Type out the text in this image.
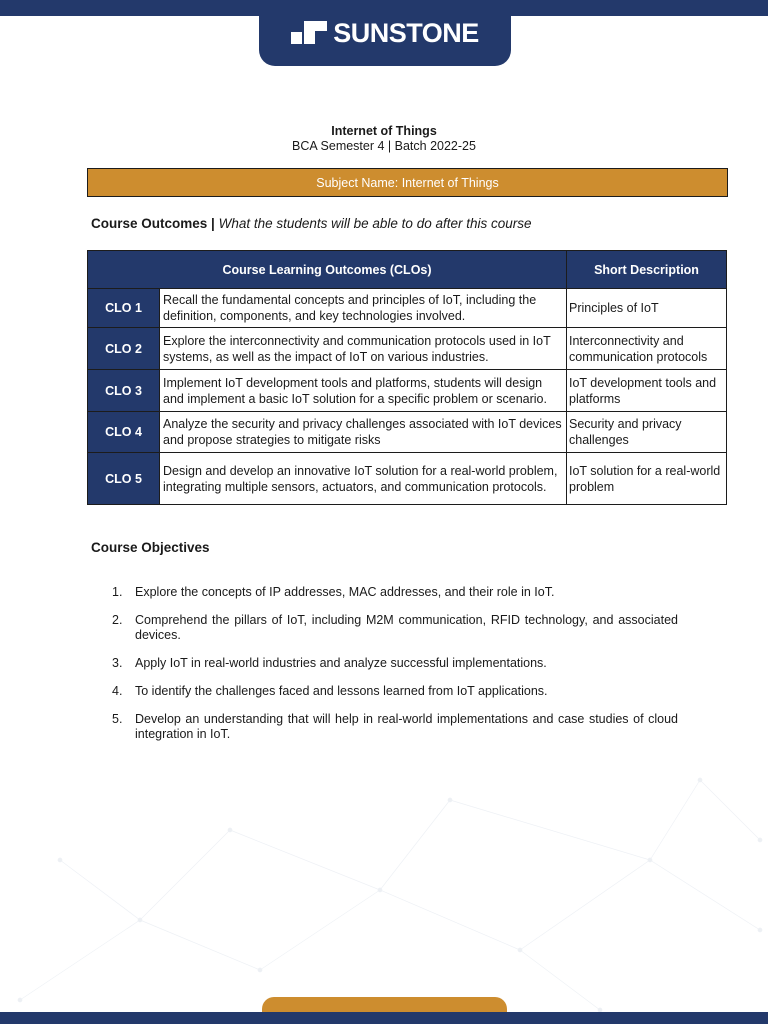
SUNSTONE
Internet of Things
BCA Semester 4 | Batch 2022-25
Subject Name: Internet of Things
Course Outcomes | What the students will be able to do after this course
Course Learning Outcomes (CLOs)		Short Description
CLO 1	Recall the fundamental concepts and principles of IoT, including the definition, components, and key technologies involved.	Principles of IoT
CLO 2	Explore the interconnectivity and communication protocols used in IoT systems, as well as the impact of IoT on various industries.	Interconnectivity and communication protocols
CLO 3	Implement IoT development tools and platforms, students will design and implement a basic IoT solution for a specific problem or scenario.	IoT development tools and platforms
CLO 4	Analyze the security and privacy challenges associated with IoT devices and propose strategies to mitigate risks	Security and privacy challenges
CLO 5	Design and develop an innovative IoT solution for a real-world problem, integrating multiple sensors, actuators, and communication protocols.	IoT solution for a real-world problem
Course Objectives
1.	Explore the concepts of IP addresses, MAC addresses, and their role in IoT.
2.	Comprehend the pillars of IoT, including M2M communication, RFID technology, and associated devices.
3.	Apply IoT in real-world industries and analyze successful implementations.
4.	To identify the challenges faced and lessons learned from IoT applications.
5.	Develop an understanding that will help in real-world implementations and case studies of cloud integration in IoT.
